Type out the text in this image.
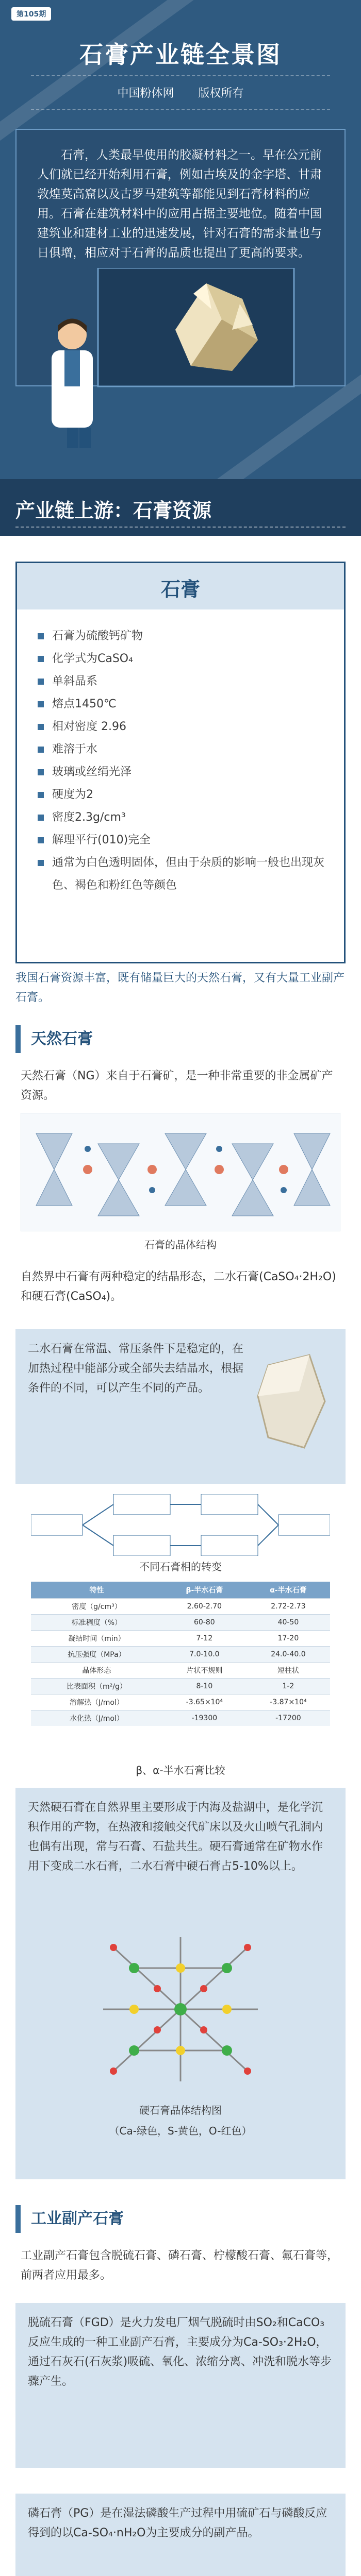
第105期
石膏产业链全景图
中国粉体网 版权所有
石膏，人类最早使用的胶凝材料之一。早在公元前人们就已经开始利用石膏，例如古埃及的金字塔、甘肃敦煌莫高窟以及古罗马建筑等都能见到石膏材料的应用。石膏在建筑材料中的应用占据主要地位。随着中国建筑业和建材工业的迅速发展，针对石膏的需求量也与日俱增，相应对于石膏的品质也提出了更高的要求。
产业链上游：石膏资源
石膏
石膏为硫酸钙矿物
化学式为CaSO₄
单斜晶系
熔点1450℃
相对密度 2.96
难溶于水
玻璃或丝绢光泽
硬度为2
密度2.3g/cm³
解理平行(010)完全
通常为白色透明固体，但由于杂质的影响一般也出现灰色、褐色和粉红色等颜色
我国石膏资源丰富，既有储量巨大的天然石膏，又有大量工业副产石膏。
天然石膏
天然石膏（NG）来自于石膏矿，是一种非常重要的非金属矿产资源。
石膏的晶体结构
自然界中石膏有两种稳定的结晶形态，二水石膏(CaSO₄·2H₂O)和硬石膏(CaSO₄)。
二水石膏在常温、常压条件下是稳定的，在加热过程中能部分或全部失去结晶水，根据条件的不同，可以产生不同的产品。
不同石膏相的转变
特性	β-半水石膏	α-半水石膏
密度（g/cm³）	2.60-2.70	2.72-2.73
标准稠度（%）	60-80	40-50
凝结时间（min）	7-12	17-20
抗压强度（MPa）	7.0-10.0	24.0-40.0
晶体形态	片状不规则	短柱状
比表面积（m²/g）	8-10	1-2
溶解热（J/mol）	-3.65×10⁴	-3.87×10⁴
水化热（J/mol）	-19300	-17200
β、α-半水石膏比较
天然硬石膏在自然界里主要形成于内海及盐湖中，是化学沉积作用的产物，在热液和接触交代矿床以及火山喷气孔洞内也偶有出现，常与石膏、石盐共生。硬石膏通常在矿物水作用下变成二水石膏，二水石膏中硬石膏占5-10%以上。
硬石膏晶体结构图
（Ca-绿色，S-黄色，O-红色）
工业副产石膏
工业副产石膏包含脱硫石膏、磷石膏、柠檬酸石膏、氟石膏等，前两者应用最多。
脱硫石膏（FGD）是火力发电厂烟气脱硫时由SO₂和CaCO₃反应生成的一种工业副产石膏，主要成分为Ca-SO₃·2H₂O，通过石灰石(石灰浆)吸硫、氧化、浓缩分离、冲洗和脱水等步骤产生。
磷石膏（PG）是在湿法磷酸生产过程中用硫矿石与磷酸反应得到的以Ca-SO₄·nH₂O为主要成分的副产品。
